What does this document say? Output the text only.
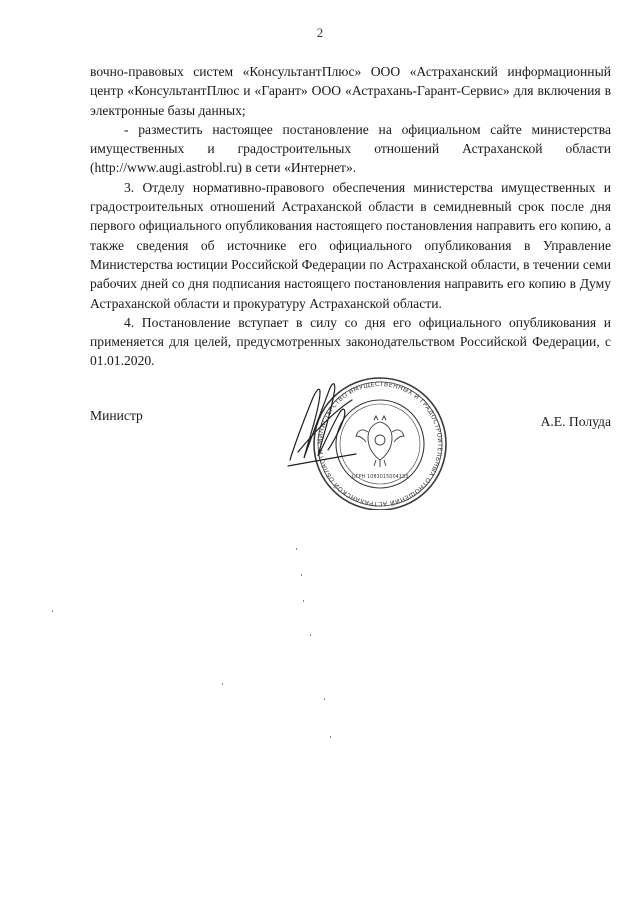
2

вочно-правовых систем «КонсультантПлюс» ООО «Астраханский информационный центр «КонсультантПлюс и «Гарант» ООО «Астрахань-Гарант-Сервис» для включения в электронные базы данных;

- разместить настоящее постановление на официальном сайте министерства имущественных и градостроительных отношений Астраханской области (http://www.augi.astrobl.ru) в сети «Интернет».

3. Отделу нормативно-правового обеспечения министерства имущественных и градостроительных отношений Астраханской области в семидневный срок после дня первого официального опубликования настоящего постановления направить его копию, а также сведения об источнике его официального опубликования в Управление Министерства юстиции Российской Федерации по Астраханской области, в течении семи рабочих дней со дня подписания настоящего постановления направить его копию в Думу Астраханской области и прокуратуру Астраханской области.

4. Постановление вступает в силу со дня его официального опубликования и применяется для целей, предусмотренных законодательством Российской Федерации, с 01.01.2020.

Министр	А.Е. Полуда
МИНИСТЕРСТВО ИМУЩЕСТВЕННЫХ И ГРАДОСТРОИТЕЛЬНЫХ ОТНОШЕНИЙ АСТРАХАНСКОЙ ОБЛАСТИ
ОГРН 1083015004133
